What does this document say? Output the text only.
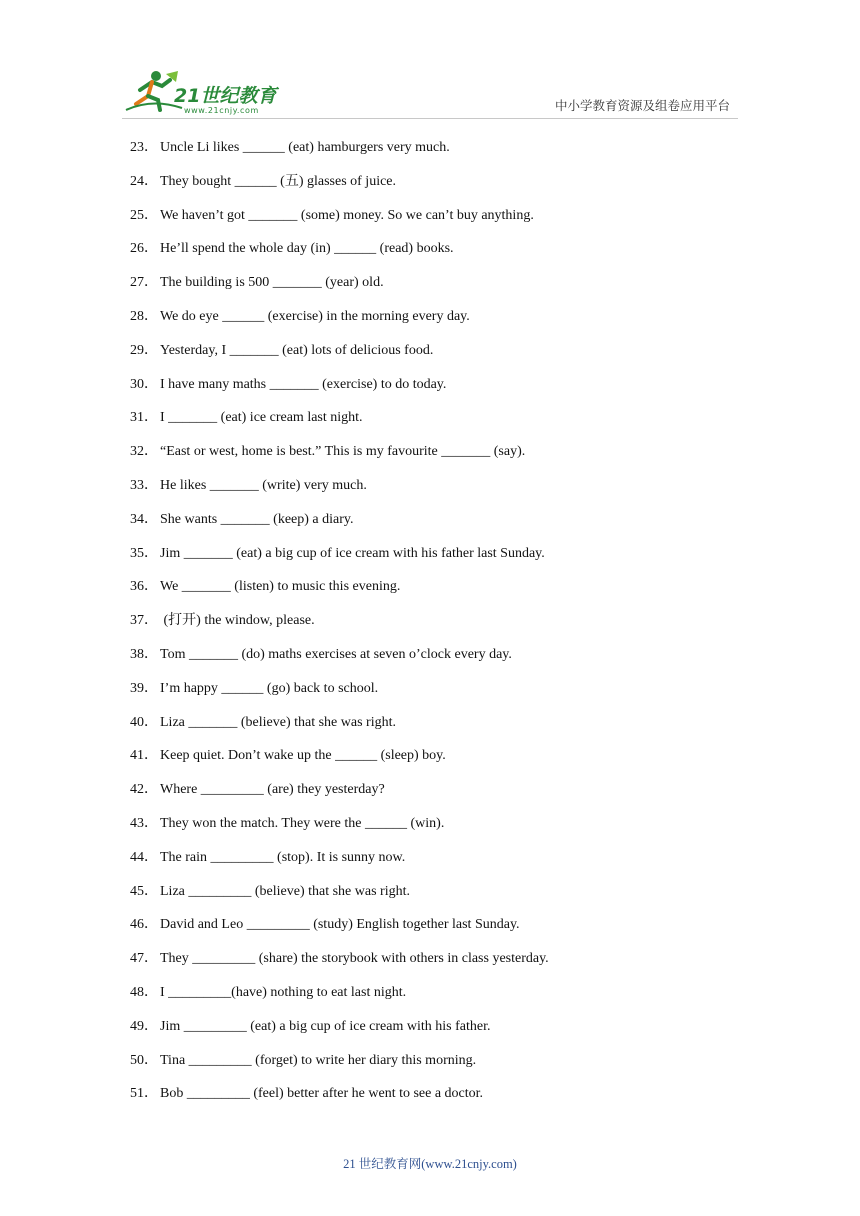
21世纪教育
www.21cnjy.com	中小学教育资源及组卷应用平台
23． Uncle Li likes ______ (eat) hamburgers very much.
24． They bought ______ (五) glasses of juice.
25． We haven’t got _______ (some) money. So we can’t buy anything.
26． He’ll spend the whole day (in) ______ (read) books.
27． The building is 500 _______ (year) old.
28． We do eye ______ (exercise) in the morning every day.
29． Yesterday, I _______ (eat) lots of delicious food.
30． I have many maths _______ (exercise) to do today.
31． I _______ (eat) ice cream last night.
32． “East or west, home is best.” This is my favourite _______ (say).
33． He likes _______ (write) very much.
34． She wants _______ (keep) a diary.
35． Jim _______ (eat) a big cup of ice cream with his father last Sunday.
36． We _______ (listen) to music this evening.
37． (打开) the window, please.
38． Tom _______ (do) maths exercises at seven o’clock every day.
39． I’m happy ______ (go) back to school.
40． Liza _______ (believe) that she was right.
41． Keep quiet. Don’t wake up the ______ (sleep) boy.
42． Where _________ (are) they yesterday?
43． They won the match. They were the ______ (win).
44． The rain _________ (stop). It is sunny now.
45． Liza _________ (believe) that she was right.
46． David and Leo _________ (study) English together last Sunday.
47． They _________ (share) the storybook with others in class yesterday.
48． I _________(have) nothing to eat last night.
49． Jim _________ (eat) a big cup of ice cream with his father.
50． Tina _________ (forget) to write her diary this morning.
51． Bob _________ (feel) better after he went to see a doctor.
21 世纪教育网(www.21cnjy.com)
